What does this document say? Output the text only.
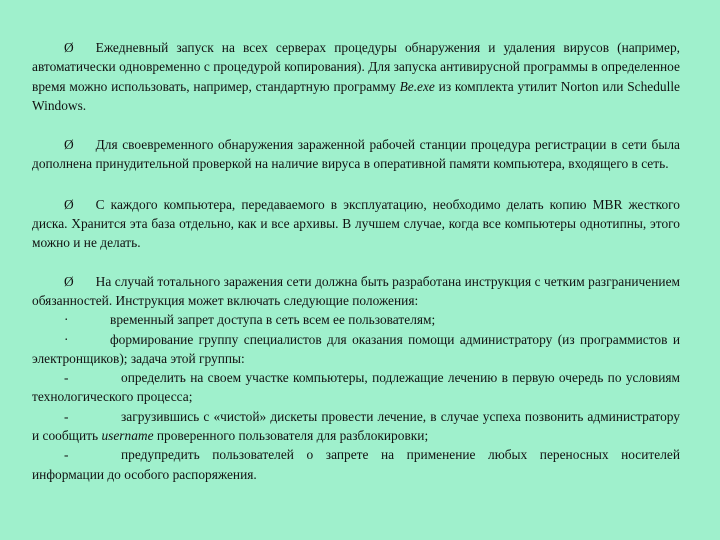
Ø Ежедневный запуск на всех серверах процедуры обнаружения и удаления вирусов (например, автоматически одновременно с процедурой копирования). Для запуска антивирусной программы в определенное время можно использовать, например, стандартную программу Be.exe из комплекта утилит Norton или Schedulle Windows.

Ø Для своевременного обнаружения зараженной рабочей станции процедура регистрации в сети была дополнена принудительной проверкой на наличие вируса в оперативной памяти компьютера, входящего в сеть.

Ø С каждого компьютера, передаваемого в эксплуатацию, необходимо делать копию MBR жесткого диска. Хранится эта база отдельно, как и все архивы. В лучшем случае, когда все компьютеры однотипны, этого можно и не делать.

Ø На случай тотального заражения сети должна быть разработана инструкция с четким разграничением обязанностей. Инструкция может включать следующие положения:

·	временный запрет доступа в сеть всем ее пользователям;

·	формирование группу специалистов для оказания помощи администратору (из программистов и электронщиков); задача этой группы:

-	определить на своем участке компьютеры, подлежащие лечению в первую очередь по условиям технологического процесса;

-	загрузившись с «чистой» дискеты провести лечение, в случае успеха позвонить администратору и сообщить username проверенного пользователя для разблокировки;

-	предупредить пользователей о запрете на применение любых переносных носителей информации до особого распоряжения.
